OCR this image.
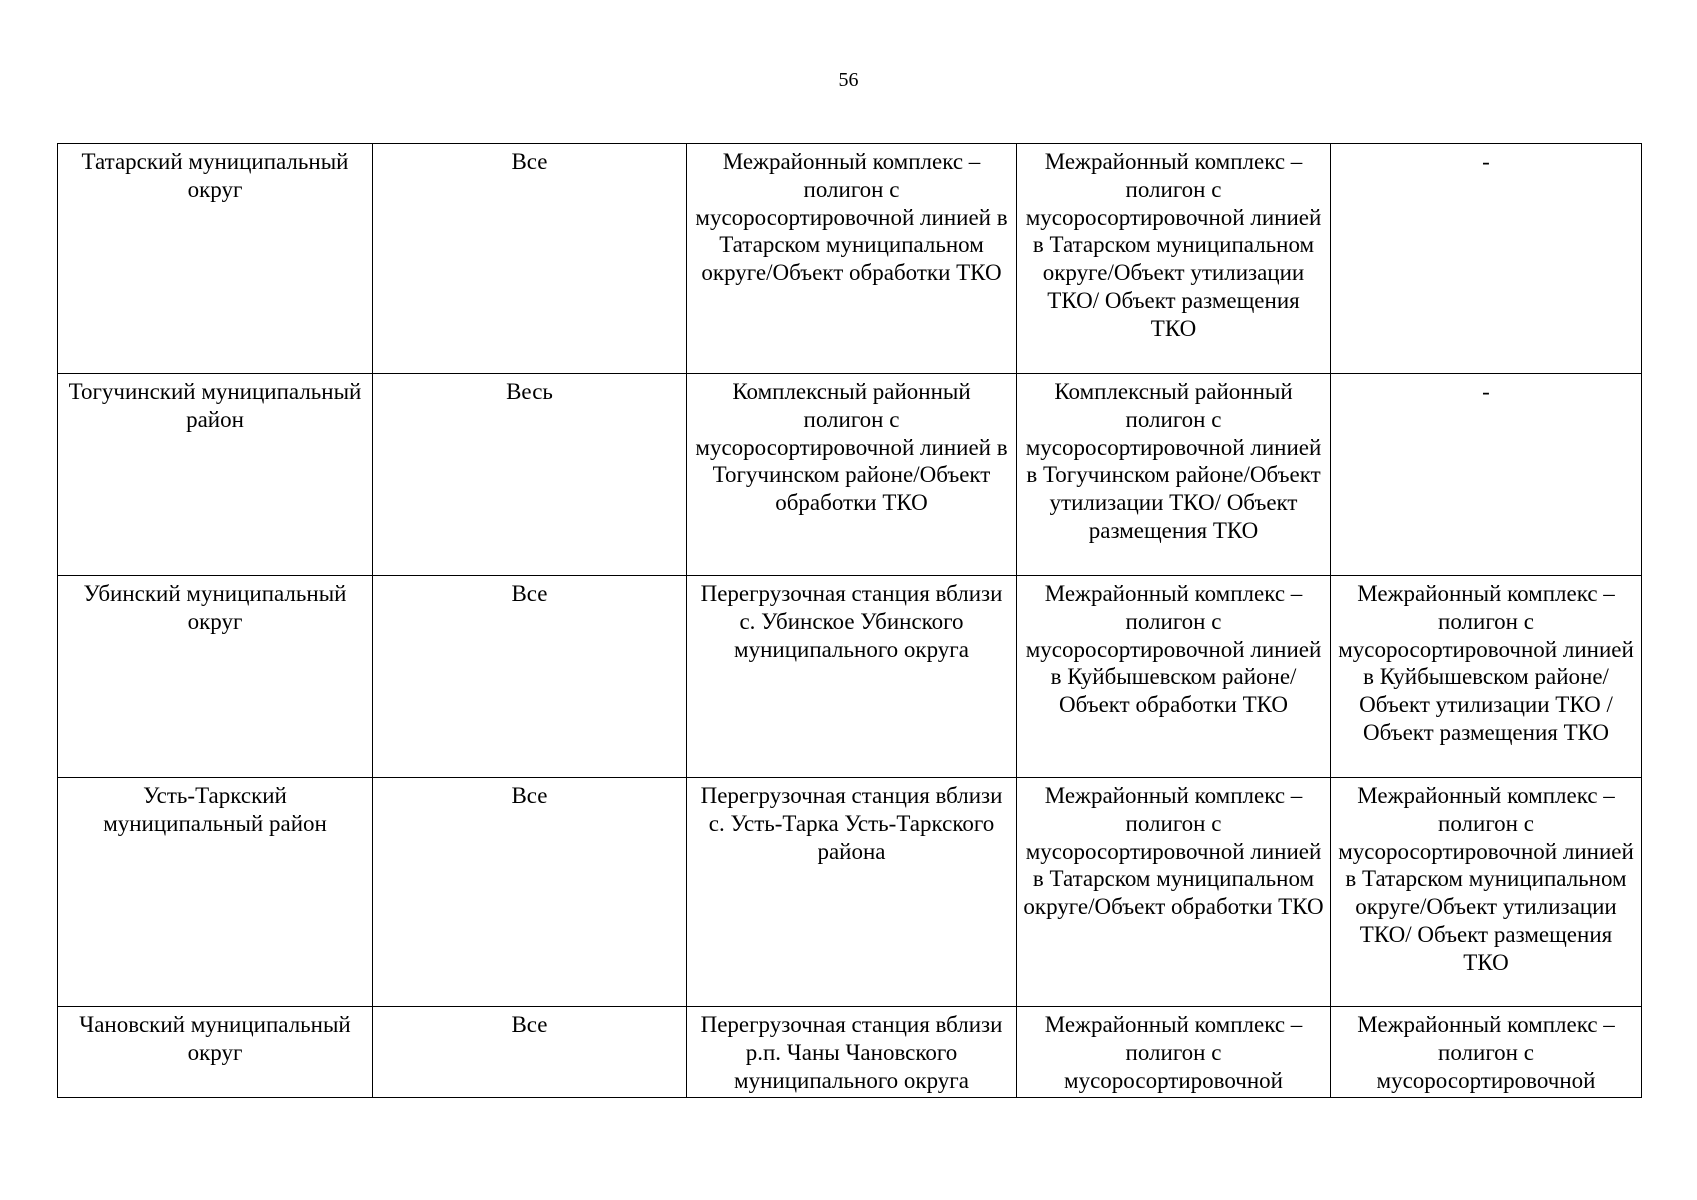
56
Татарский муниципальный округ	Все	Межрайонный комплекс – полигон с мусоросортировочной линией в Татарском муниципальном округе/Объект обработки ТКО	Межрайонный комплекс – полигон с мусоросортировочной линией в Татарском муниципальном округе/Объект утилизации ТКО/ Объект размещения ТКО	-
Тогучинский муниципальный район	Весь	Комплексный районный полигон с мусоросортировочной линией в Тогучинском районе/Объект обработки ТКО	Комплексный районный полигон с мусоросортировочной линией в Тогучинском районе/Объект утилизации ТКО/ Объект размещения ТКО	-
Убинский муниципальный округ	Все	Перегрузочная станция вблизи с. Убинское Убинского муниципального округа	Межрайонный комплекс – полигон с мусоросортировочной линией в Куйбышевском районе/Объект обработки ТКО	Межрайонный комплекс – полигон с мусоросортировочной линией в Куйбышевском районе/Объект утилизации ТКО / Объект размещения ТКО
Усть-Таркский муниципальный район	Все	Перегрузочная станция вблизи с. Усть-Тарка Усть-Таркского района	Межрайонный комплекс – полигон с мусоросортировочной линией в Татарском муниципальном округе/Объект обработки ТКО	Межрайонный комплекс – полигон с мусоросортировочной линией в Татарском муниципальном округе/Объект утилизации ТКО/ Объект размещения ТКО
Чановский муниципальный округ	Все	Перегрузочная станция вблизи р.п. Чаны Чановского муниципального округа	Межрайонный комплекс – полигон с мусоросортировочной	Межрайонный комплекс – полигон с мусоросортировочной
